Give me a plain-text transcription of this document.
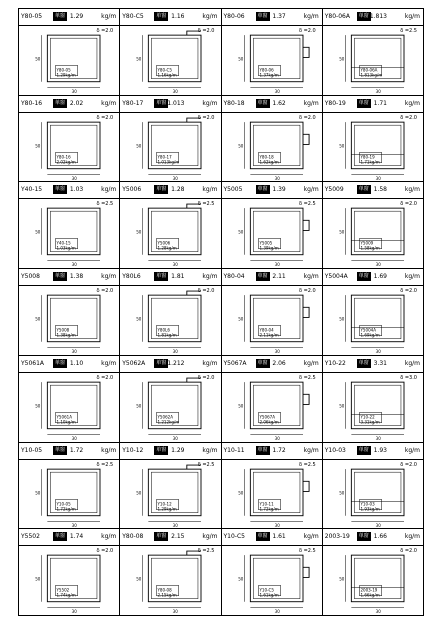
Y80-05	单窗 1.29	kg/m
δ =2.0
Y80-05
1.29kg/m
30
50
Y80-C5	单窗 1.16	kg/m
δ =2.0
Y80-C5
1.16kg/m
30
50
Y80-06	单窗 1.37	kg/m
δ =2.0
Y80-06
1.37kg/m
30
50
Y80-06A	单窗 1.813	kg/m
δ =2.5
Y80-06A
1.813kg/m
30
50
Y80-16	单窗 2.02	kg/m
δ =2.0
Y80-16
2.02kg/m
30
50
Y80-17	单窗 1.013	kg/m
δ =2.0
Y80-17
1.013kg/m
30
50
Y80-18	单窗 1.62	kg/m
δ =2.0
Y80-18
1.62kg/m
30
50
Y80-19	单窗 1.71	kg/m
δ =2.0
Y80-19
1.71kg/m
30
50
Y40-15	单窗 1.03	kg/m
δ =2.5
Y40-15
1.03kg/m
30
50
Y5006	单窗 1.28	kg/m
δ =2.5
Y5006
1.28kg/m
30
50
Y5005	单窗 1.39	kg/m
δ =2.5
Y5005
1.39kg/m
30
50
Y5009	单窗 1.58	kg/m
δ =2.0
Y5009
1.58kg/m
30
50
Y5008	单窗 1.38	kg/m
δ =2.0
Y5008
1.38kg/m
30
50
Y80L6	单窗 1.81	kg/m
δ =2.0
Y80L6
1.81kg/m
30
50
Y80-04	单窗 2.11	kg/m
δ =2.0
Y80-04
2.11kg/m
30
50
Y5004A	单窗 1.69	kg/m
δ =2.0
Y5004A
1.69kg/m
30
50
Y5061A	单窗 1.10	kg/m
δ =2.0
Y5061A
1.10kg/m
30
50
Y5062A	单窗 1.212	kg/m
δ =2.0
Y5062A
1.212kg/m
30
50
Y5067A	单窗 2.06	kg/m
δ =2.5
Y5067A
2.06kg/m
30
50
Y10-22	单窗 3.31	kg/m
δ =3.0
Y10-22
3.31kg/m
30
50
Y10-05	单窗 1.72	kg/m
δ =2.5
Y10-05
1.72kg/m
30
50
Y10-12	单窗 1.29	kg/m
δ =2.5
Y10-12
1.29kg/m
30
50
Y10-11	单窗 1.72	kg/m
δ =2.5
Y10-11
1.72kg/m
30
50
Y10-03	单窗 1.93	kg/m
δ =2.0
Y10-03
1.93kg/m
30
50
Y5502	单窗 1.74	kg/m
δ =2.0
Y5502
1.74kg/m
30
50
Y80-08	单窗 2.15	kg/m
δ =2.5
Y80-08
2.15kg/m
30
50
Y10-C5	单窗 1.61	kg/m
δ =2.5
Y10-C5
1.61kg/m
30
50
2003-19	单窗 1.66	kg/m
δ =2.0
2003-19
1.66kg/m
30
50
